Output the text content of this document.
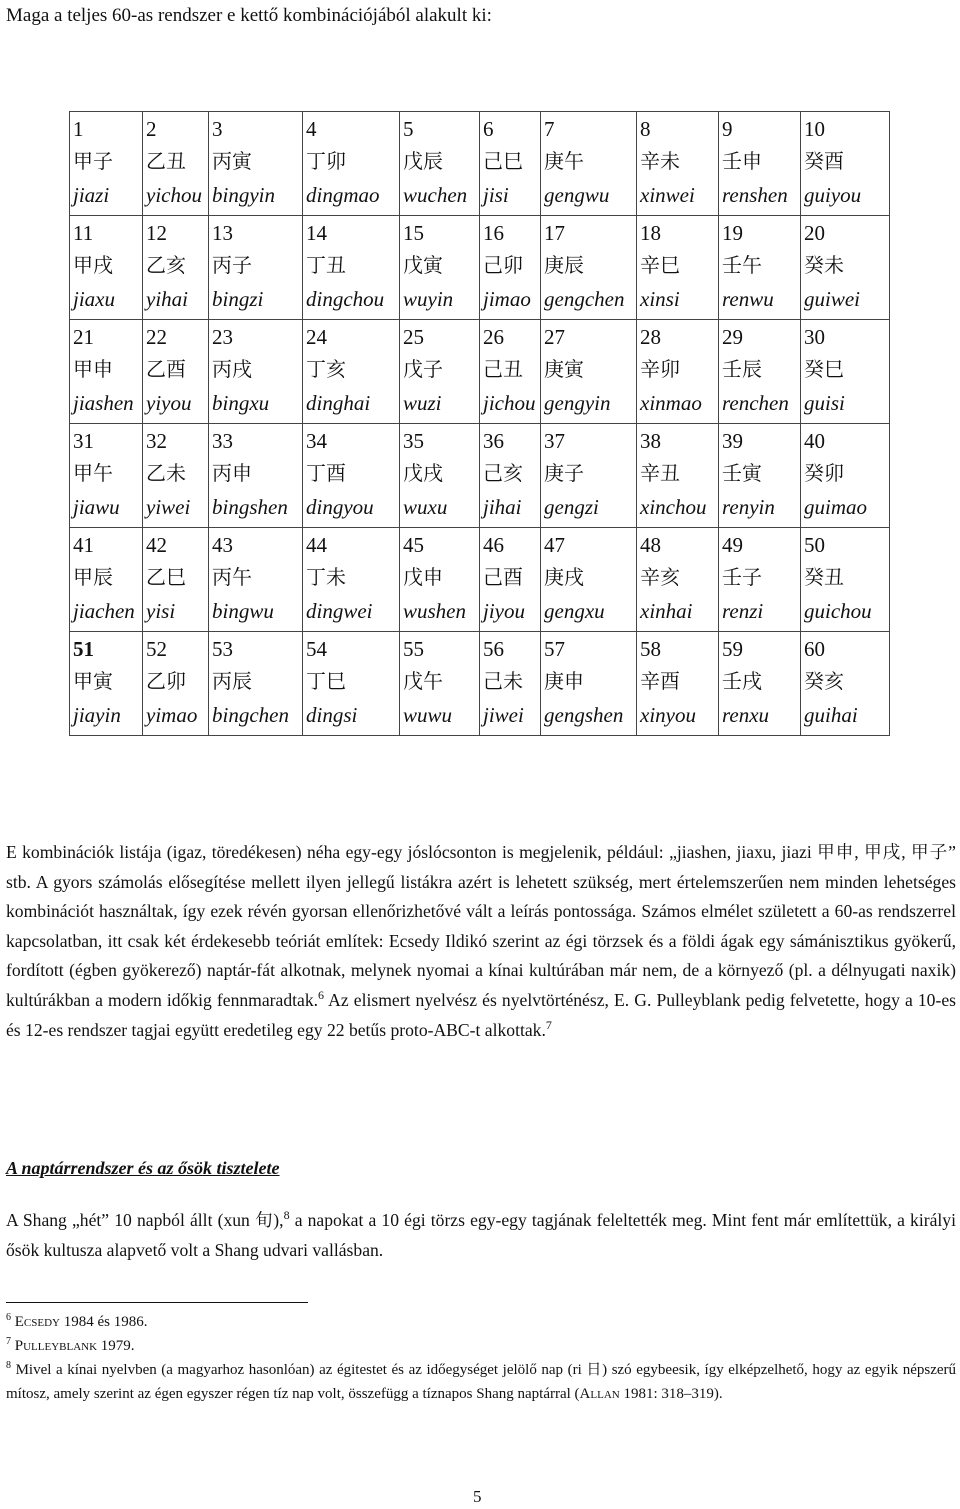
Maga a teljes 60-as rendszer e kettő kombinációjából alakult ki:
1
甲子
jiazi	2
乙丑
yichou	3
丙寅
bingyin	4
丁卯
dingmao	5
戊辰
wuchen	6
己巳
jisi	7
庚午
gengwu	8
辛未
xinwei	9
壬申
renshen	10
癸酉
guiyou

11
甲戌
jiaxu	12
乙亥
yihai	13
丙子
bingzi	14
丁丑
dingchou	15
戊寅
wuyin	16
己卯
jimao	17
庚辰
gengchen	18
辛巳
xinsi	19
壬午
renwu	20
癸未
guiwei

21
甲申
jiashen	22
乙酉
yiyou	23
丙戌
bingxu	24
丁亥
dinghai	25
戊子
wuzi	26
己丑
jichou	27
庚寅
gengyin	28
辛卯
xinmao	29
壬辰
renchen	30
癸巳
guisi

31
甲午
jiawu	32
乙未
yiwei	33
丙申
bingshen	34
丁酉
dingyou	35
戊戌
wuxu	36
己亥
jihai	37
庚子
gengzi	38
辛丑
xinchou	39
壬寅
renyin	40
癸卯
guimao

41
甲辰
jiachen	42
乙巳
yisi	43
丙午
bingwu	44
丁未
dingwei	45
戊申
wushen	46
己酉
jiyou	47
庚戌
gengxu	48
辛亥
xinhai	49
壬子
renzi	50
癸丑
guichou

51
甲寅
jiayin	52
乙卯
yimao	53
丙辰
bingchen	54
丁巳
dingsi	55
戊午
wuwu	56
己未
jiwei	57
庚申
gengshen	58
辛酉
xinyou	59
壬戌
renxu	60
癸亥
guihai

E kombinációk listája (igaz, töredékesen) néha egy-egy jóslócsonton is megjelenik, például: „jiashen, jiaxu, jiazi 甲申, 甲戌, 甲子” stb. A gyors számolás elősegítése mellett ilyen jellegű listákra azért is lehetett szükség, mert értelemszerűen nem minden lehetséges kombinációt használtak, így ezek révén gyorsan ellenőrizhetővé vált a leírás pontossága. Számos elmélet született a 60-as rendszerrel kapcsolatban, itt csak két érdekesebb teóriát említek: Ecsedy Ildikó szerint az égi törzsek és a földi ágak egy sámánisztikus gyökerű, fordított (égben gyökerező) naptár-fát alkotnak, melynek nyomai a kínai kultúrában már nem, de a környező (pl. a délnyugati naxik) kultúrákban a modern időkig fennmaradtak.$^6$ Az elismert nyelvész és nyelvtörténész, E. G. Pulleyblank pedig felvetette, hogy a 10-es és 12-es rendszer tagjai együtt eredetileg egy 22 betűs proto-ABC-t alkottak.$^7$

A naptárrendszer és az ősök tisztelete
A Shang „hét” 10 napból állt (xun 旬),$^8$ a napokat a 10 égi törzs egy-egy tagjának feleltették meg. Mint fent már említettük, a királyi ősök kultusza alapvető volt a Shang udvari vallásban.

$^6$ Ecsedy 1984 és 1986.

$^7$ Pulleyblank 1979.

$^8$ Mivel a kínai nyelvben (a magyarhoz hasonlóan) az égitestet és az időegységet jelölő nap (ri 日) szó egybeesik, így elképzelhető, hogy az egyik népszerű mítosz, amely szerint az égen egyszer régen tíz nap volt, összefügg a tíznapos Shang naptárral (Allan 1981: 318–319).

5
